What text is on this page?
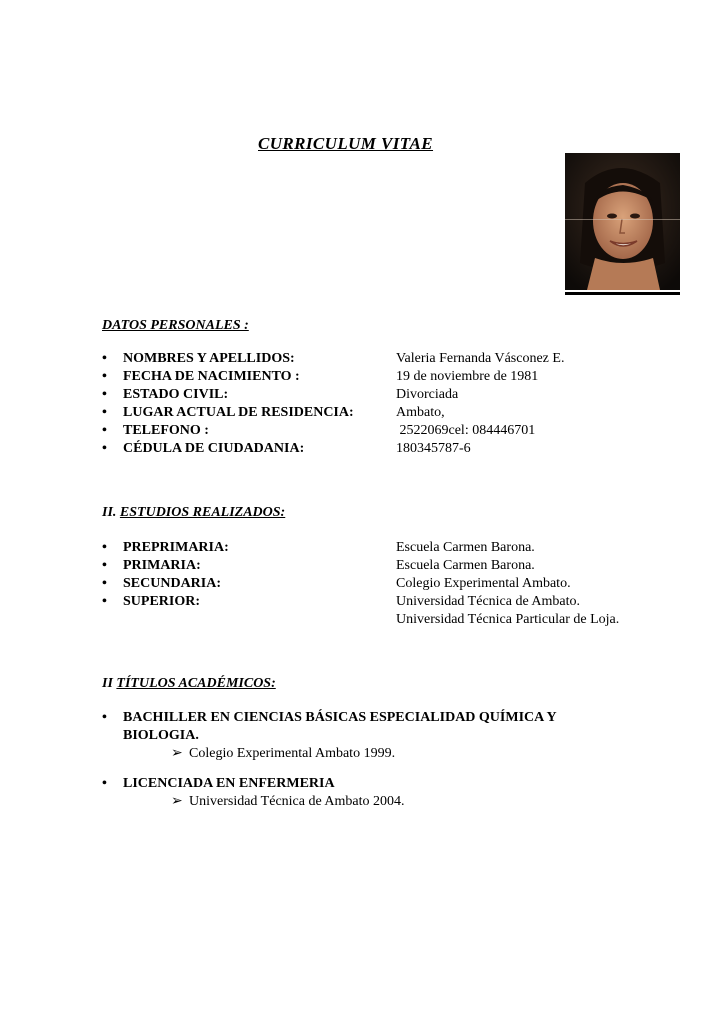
CURRICULUM VITAE
DATOS PERSONALES :
• NOMBRES Y APELLIDOS:	Valeria Fernanda Vásconez E.
• FECHA DE NACIMIENTO :	19 de noviembre de 1981
• ESTADO CIVIL:	Divorciada
• LUGAR ACTUAL DE RESIDENCIA:	Ambato,
• TELEFONO :	2522069cel: 084446701
• CÉDULA DE CIUDADANIA:	180345787-6
II. ESTUDIOS REALIZADOS:
• PREPRIMARIA:	Escuela Carmen Barona.
• PRIMARIA:	Escuela Carmen Barona.
• SECUNDARIA:	Colegio Experimental Ambato.
• SUPERIOR:	Universidad Técnica de Ambato.
Universidad Técnica Particular de Loja.
II TÍTULOS ACADÉMICOS:
•	BACHILLER EN CIENCIAS BÁSICAS ESPECIALIDAD QUÍMICA Y BIOLOGIA.
➢ Colegio Experimental Ambato 1999.
•	LICENCIADA EN ENFERMERIA
➢ Universidad Técnica de Ambato 2004.
